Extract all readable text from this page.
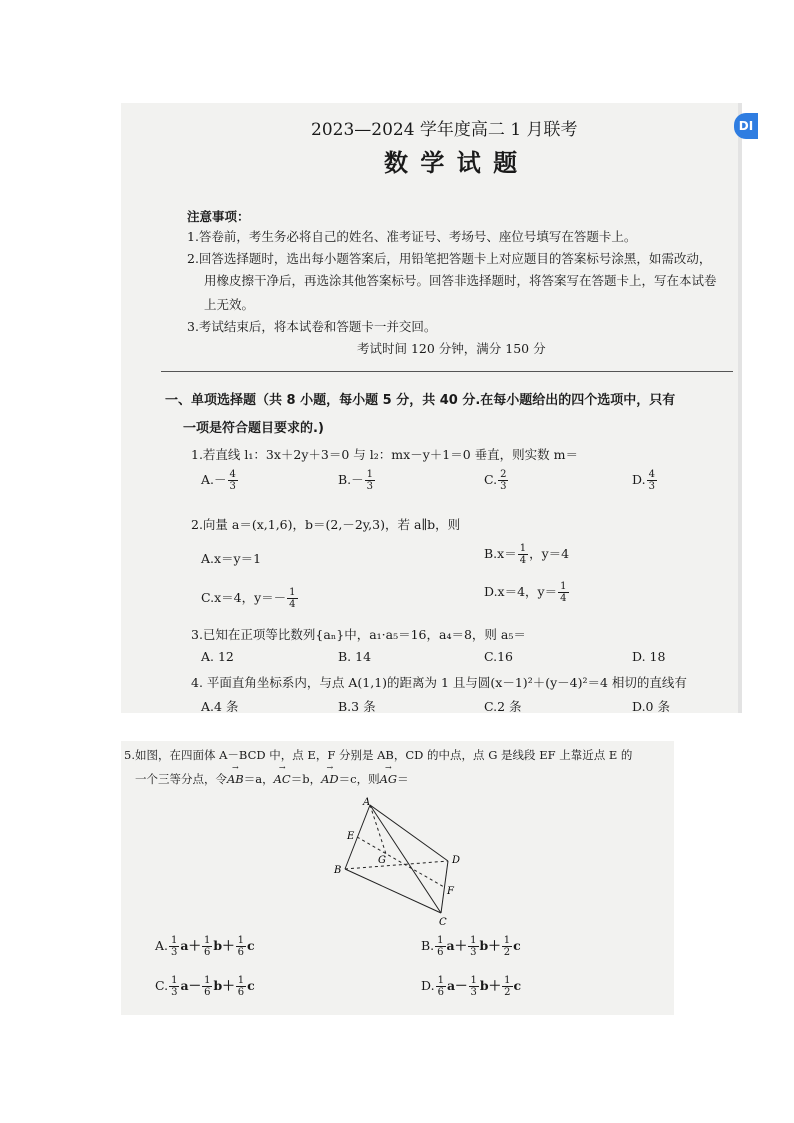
2023—2024 学年度高二 1 月联考
数 学 试 题
注意事项：
1.答卷前，考生务必将自己的姓名、准考证号、考场号、座位号填写在答题卡上。
2.回答选择题时，选出每小题答案后，用铅笔把答题卡上对应题目的答案标号涂黑，如需改动，
用橡皮擦干净后，再选涂其他答案标号。回答非选择题时，将答案写在答题卡上，写在本试卷
上无效。
3.考试结束后，将本试卷和答题卡一并交回。
考试时间 120 分钟，满分 150 分
一、单项选择题（共 8 小题，每小题 5 分，共 40 分.在每小题给出的四个选项中，只有
一项是符合题目要求的.)
1.若直线 l₁：3x＋2y＋3＝0 与 l₂：mx－y＋1＝0 垂直，则实数 m＝
$A.- \frac{4}{3}$	$B.- \frac{1}{3}$	C. $\frac{2}{3}$	D. $\frac{4}{3}$
2.向量 a＝(x,1,6)，b＝(2,－2y,3)，若 a∥b，则
A.x＝y＝1	$B.x= \frac{1}{4}$ ，y＝4
C.x＝4，$y=- \frac{1}{4}$	D.x＝4，$y= \frac{1}{4}$
3.已知在正项等比数列{aₙ}中，a₁·a₅＝16，a₄＝8，则 a₅＝
A. 12	B. 14	C.16	D. 18
4. 平面直角坐标系内，与点 A(1,1)的距离为 1 且与圆(x－1)²＋(y－4)²＝4 相切的直线有
A.4 条	B.3 条	C.2 条	D.0 条
DI
5.如图，在四面体 A－BCD 中，点 E，F 分别是 AB，CD 的中点，点 G 是线段 EF 上靠近点 E 的
一个三等分点，令→ AB＝a，→ AC＝b，→ AD＝c，则→ AG＝
A
B
C
D
E
F
G
A. $\frac{1}{3} a+ \frac{1}{6} b+ \frac{1}{6}$ c	B. $\frac{1}{6} a+ \frac{1}{3} b+ \frac{1}{2}$ c
C. $\frac{1}{3} a- \frac{1}{6} b+ \frac{1}{6}$ c	D. $\frac{1}{6} a- \frac{1}{3} b+ \frac{1}{2}$ c
